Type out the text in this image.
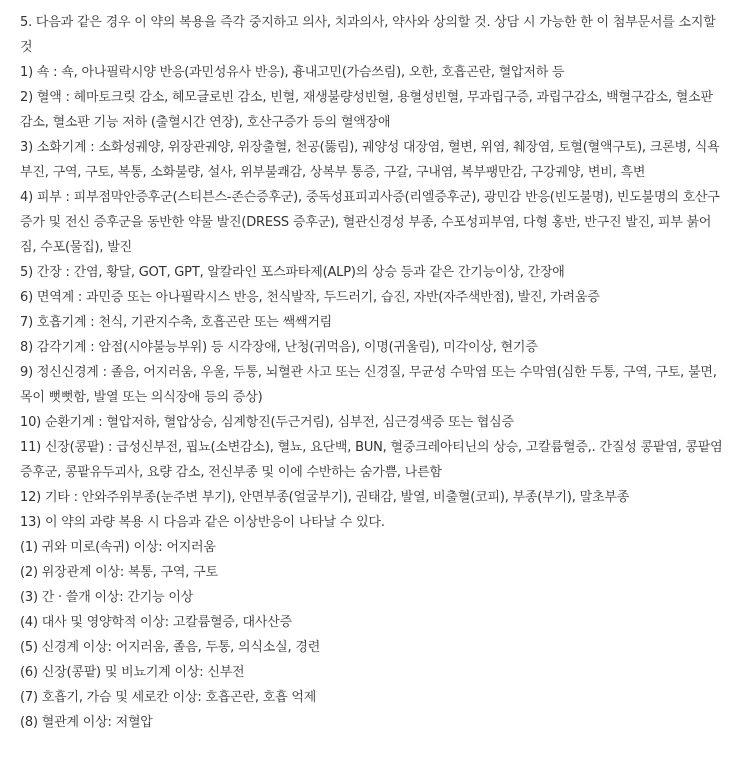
5. 다음과 같은 경우 이 약의 복용을 즉각 중지하고 의사, 치과의사, 약사와 상의할 것. 상담 시 가능한 한 이 첨부문서를 소지할 것

1) 쇽 : 쇽, 아나필락시양 반응(과민성유사 반응), 흉내고민(가슴쓰림), 오한, 호흡곤란, 혈압저하 등

2) 혈액 : 헤마토크릿 감소, 헤모글로빈 감소, 빈혈, 재생불량성빈혈, 용혈성빈혈, 무과립구증, 과립구감소, 백혈구감소, 혈소판감소, 혈소판 기능 저하 (출혈시간 연장), 호산구증가 등의 혈액장애

3) 소화기계 : 소화성궤양, 위장관궤양, 위장출혈, 천공(뚫림), 궤양성 대장염, 혈변, 위염, 췌장염, 토혈(혈액구토), 크론병, 식욕부진, 구역, 구토, 복통, 소화불량, 설사, 위부불쾌감, 상복부 통증, 구갈, 구내염, 복부팽만감, 구강궤양, 변비, 흑변

4) 피부 : 피부점막안증후군(스티븐스-존슨증후군), 중독성표피괴사증(리엘증후군), 광민감 반응(빈도불명), 빈도불명의 호산구 증가 및 전신 증후군을 동반한 약물 발진(DRESS 증후군), 혈관신경성 부종, 수포성피부염, 다형 홍반, 반구진 발진, 피부 붉어짐, 수포(물집), 발진

5) 간장 : 간염, 황달, GOT, GPT, 알칼라인 포스파타제(ALP)의 상승 등과 같은 간기능이상, 간장애

6) 면역계 : 과민증 또는 아나필락시스 반응, 천식발작, 두드러기, 습진, 자반(자주색반점), 발진, 가려움증

7) 호흡기계 : 천식, 기관지수축, 호흡곤란 또는 쌕쌕거림

8) 감각기계 : 암점(시야불능부위) 등 시각장애, 난청(귀먹음), 이명(귀울림), 미각이상, 현기증

9) 정신신경계 : 졸음, 어지러움, 우울, 두통, 뇌혈관 사고 또는 신경질, 무균성 수막염 또는 수막염(심한 두통, 구역, 구토, 불면, 목이 뻣뻣함, 발열 또는 의식장애 등의 증상)

10) 순환기계 : 혈압저하, 혈압상승, 심계항진(두근거림), 심부전, 심근경색증 또는 협심증

11) 신장(콩팥) : 급성신부전, 핍뇨(소변감소), 혈뇨, 요단백, BUN, 혈중크레아티닌의 상승, 고칼륨혈증,. 간질성 콩팥염, 콩팥염증후군, 콩팥유두괴사, 요량 감소, 전신부종 및 이에 수반하는 숨가쁨, 나른함

12) 기타 : 안와주위부종(눈주변 부기), 안면부종(얼굴부기), 권태감, 발열, 비출혈(코피), 부종(부기), 말초부종

13) 이 약의 과량 복용 시 다음과 같은 이상반응이 나타날 수 있다.

(1) 귀와 미로(속귀) 이상: 어지러움

(2) 위장관계 이상: 복통, 구역, 구토

(3) 간 · 쓸개 이상: 간기능 이상

(4) 대사 및 영양학적 이상: 고칼륨혈증, 대사산증

(5) 신경계 이상: 어지러움, 졸음, 두통, 의식소실, 경련

(6) 신장(콩팥) 및 비뇨기계 이상: 신부전

(7) 호흡기, 가슴 및 세로칸 이상: 호흡곤란, 호흡 억제

(8) 혈관계 이상: 저혈압
